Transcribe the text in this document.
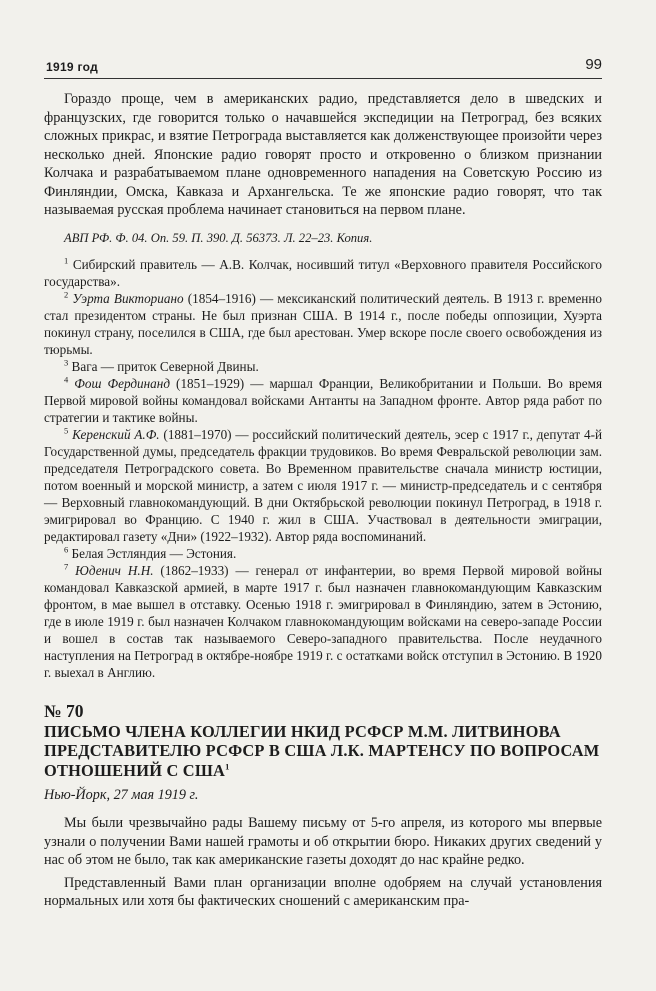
1919 год	99

Гораздо проще, чем в американских радио, представляется дело в шведских и французских, где говорится только о начавшейся экспедиции на Петроград, без всяких сложных прикрас, и взятие Петрограда выставляется как долженствующее произойти через несколько дней. Японские радио говорят просто и откровенно о близком признании Колчака и разрабатываемом плане одновременного нападения на Советскую Россию из Финляндии, Омска, Кавказа и Архангельска. Те же японские радио говорят, что так называемая русская проблема начинает становиться на первом плане.

АВП РФ. Ф. 04. Оп. 59. П. 390. Д. 56373. Л. 22–23. Копия.

$^1$ Сибирский правитель — А.В. Колчак, носивший титул «Верховного правителя Российского государства».

$^2$ Уэрта Викториано (1854–1916) — мексиканский политический деятель. В 1913 г. временно стал президентом страны. Не был признан США. В 1914 г., после победы оппозиции, Хуэрта покинул страну, поселился в США, где был арестован. Умер вскоре после своего освобождения из тюрьмы.

$^3$ Вага — приток Северной Двины.

$^4$ Фош Фердинанд (1851–1929) — маршал Франции, Великобритании и Польши. Во время Первой мировой войны командовал войсками Антанты на Западном фронте. Автор ряда работ по стратегии и тактике войны.

$^5$ Керенский А.Ф. (1881–1970) — российский политический деятель, эсер с 1917 г., депутат 4-й Государственной думы, председатель фракции трудовиков. Во время Февральской революции зам. председателя Петроградского совета. Во Временном правительстве сначала министр юстиции, потом военный и морской министр, а затем с июля 1917 г. — министр-председатель и с сентября — Верховный главнокомандующий. В дни Октябрьской революции покинул Петроград, в 1918 г. эмигрировал во Францию. С 1940 г. жил в США. Участвовал в деятельности эмиграции, редактировал газету «Дни» (1922–1932). Автор ряда воспоминаний.

$^6$ Белая Эстляндия — Эстония.

$^7$ Юденич Н.Н. (1862–1933) — генерал от инфантерии, во время Первой мировой войны командовал Кавказской армией, в марте 1917 г. был назначен главнокомандующим Кавказским фронтом, в мае вышел в отставку. Осенью 1918 г. эмигрировал в Финляндию, затем в Эстонию, где в июле 1919 г. был назначен Колчаком главнокомандующим войсками на северо-западе России и вошел в состав так называемого Северо-западного правительства. После неудачного наступления на Петроград в октябре-ноябре 1919 г. с остатками войск отступил в Эстонию. В 1920 г. выехал в Англию.

№ 70
ПИСЬМО ЧЛЕНА КОЛЛЕГИИ НКИД РСФСР М.М. ЛИТВИНОВА ПРЕДСТАВИТЕЛЮ РСФСР В США Л.К. МАРТЕНСУ ПО ВОПРОСАМ ОТНОШЕНИЙ С США$^1$
Нью-Йорк, 27 мая 1919 г.

Мы были чрезвычайно рады Вашему письму от 5-го апреля, из которого мы впервые узнали о получении Вами нашей грамоты и об открытии бюро. Никаких других сведений у нас об этом не было, так как американские газеты доходят до нас крайне редко.

Представленный Вами план организации вполне одобряем на случай установления нормальных или хотя бы фактических сношений с американским пра-
